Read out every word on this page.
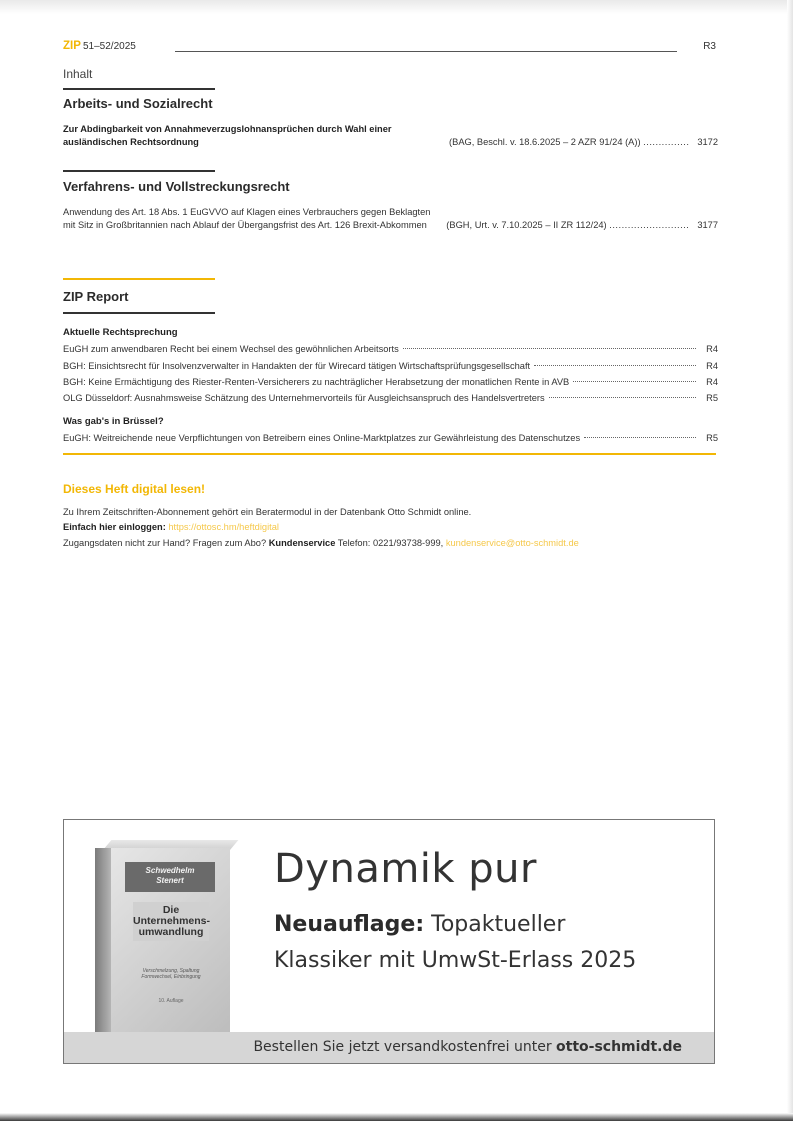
ZIP 51–52/2025	R3
Inhalt
Arbeits- und Sozialrecht
Zur Abdingbarkeit von Annahmeverzugslohnansprüchen durch Wahl einer ausländischen Rechtsordnung	(BAG, Beschl. v. 18.6.2025 – 2 AZR 91/24 (A)) ............... 3172
Verfahrens- und Vollstreckungsrecht
Anwendung des Art. 18 Abs. 1 EuGVVO auf Klagen eines Verbrauchers gegen Beklagten mit Sitz in Großbritannien nach Ablauf der Übergangsfrist des Art. 126 Brexit-Abkommen	(BGH, Urt. v. 7.10.2025 – II ZR 112/24) .......................... 3177
ZIP Report
Aktuelle Rechtsprechung
EuGH zum anwendbaren Recht bei einem Wechsel des gewöhnlichen Arbeitsorts	R4
BGH: Einsichtsrecht für Insolvenzverwalter in Handakten der für Wirecard tätigen Wirtschaftsprüfungsgesellschaft	R4
BGH: Keine Ermächtigung des Riester-Renten-Versicherers zu nachträglicher Herabsetzung der monatlichen Rente in AVB	R4
OLG Düsseldorf: Ausnahmsweise Schätzung des Unternehmervorteils für Ausgleichsanspruch des Handelsvertreters	R5
Was gab's in Brüssel?
EuGH: Weitreichende neue Verpflichtungen von Betreibern eines Online-Marktplatzes zur Gewährleistung des Datenschutzes	R5
Dieses Heft digital lesen!
Zu Ihrem Zeitschriften-Abonnement gehört ein Beratermodul in der Datenbank Otto Schmidt online.
Einfach hier einloggen: https://ottosc.hm/heftdigital
Zugangsdaten nicht zur Hand? Fragen zum Abo? Kundenservice Telefon: 0221/93738-999, kundenservice@otto-schmidt.de
Schwedhelm
Stenert
Die
Unternehmens-
umwandlung
Verschmelzung, Spaltung Formwechsel, Einbringung
10. Auflage
Dynamik pur
Neuauflage: Topaktueller
Klassiker mit UmwSt-Erlass 2025
Bestellen Sie jetzt versandkostenfrei unter otto-schmidt.de
